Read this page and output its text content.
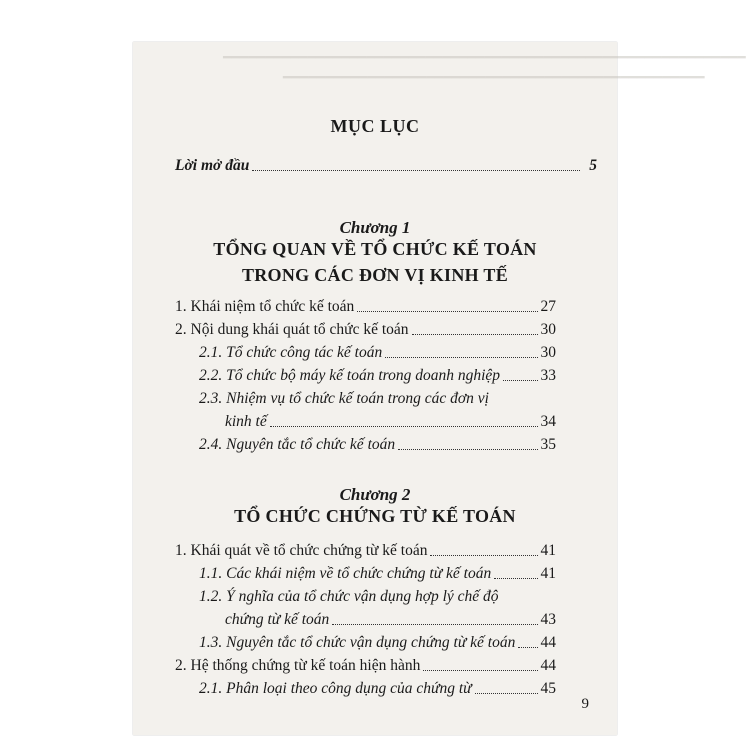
━━━━━━━━━━━━━━━━━━━━━━━━━━━━━━━━━━━━━━━━━━━━━━━━━━━━━━━━━━━━━━
━━━━━━━━━━━━━━━━━━━━━━━━━━━━━━━━━━━━━━━━━━━━━━━━━━
MỤC LỤC
Lời mở đầu	5
Chương 1
TỔNG QUAN VỀ TỔ CHỨC KẾ TOÁN
TRONG CÁC ĐƠN VỊ KINH TẾ
1. Khái niệm tổ chức kế toán	27
2. Nội dung khái quát tổ chức kế toán	30
2.1. Tổ chức công tác kế toán	30
2.2. Tổ chức bộ máy kế toán trong doanh nghiệp	33
2.3. Nhiệm vụ tổ chức kế toán trong các đơn vị
kinh tế	34
2.4. Nguyên tắc tổ chức kế toán	35
Chương 2
TỔ CHỨC CHỨNG TỪ KẾ TOÁN
1. Khái quát về tổ chức chứng từ kế toán	41
1.1. Các khái niệm về tổ chức chứng từ kế toán	41
1.2. Ý nghĩa của tổ chức vận dụng hợp lý chế độ
chứng từ kế toán	43
1.3. Nguyên tắc tổ chức vận dụng chứng từ kế toán 44
2. Hệ thống chứng từ kế toán hiện hành	44
2.1. Phân loại theo công dụng của chứng từ	45
9
